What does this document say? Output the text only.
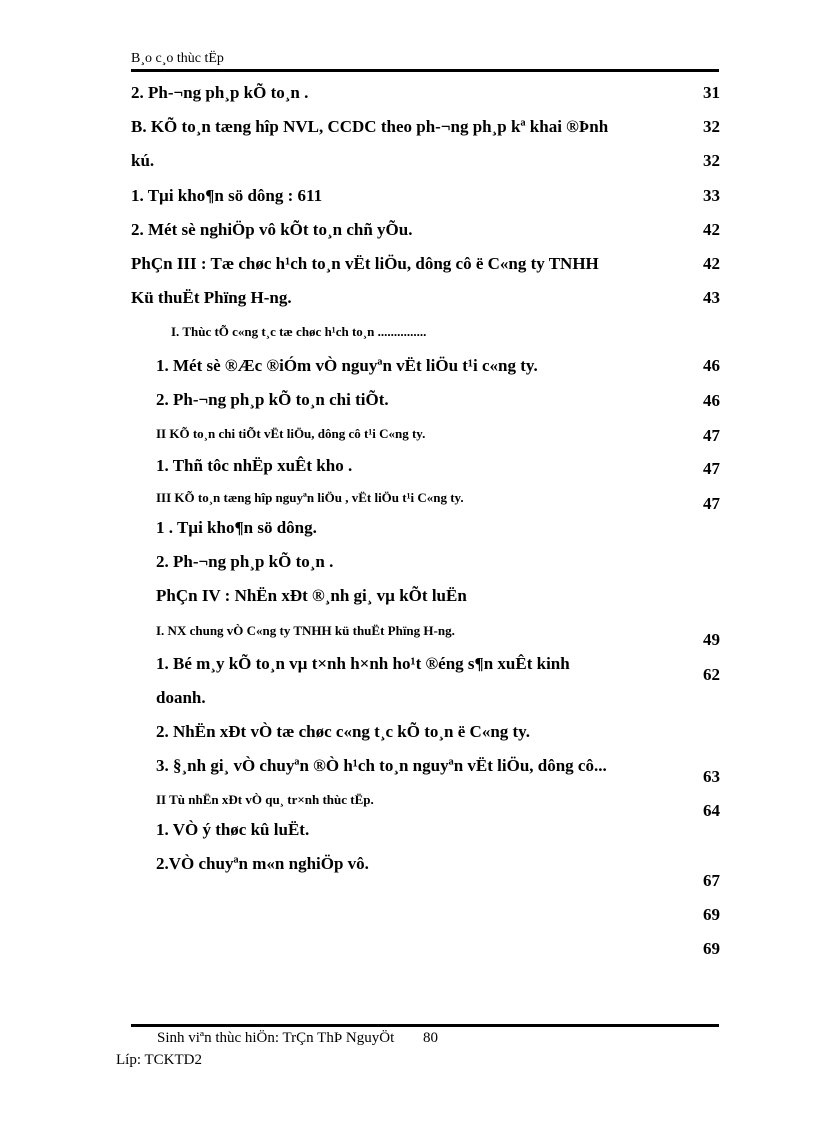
B¸o c¸o thùc tËp
2. Ph-¬ng ph¸p kÕ to¸n .
B. KÕ to¸n tæng hîp NVL, CCDC theo ph-¬ng ph¸p kª khai ®Þnh
kú.
1. Tµi kho¶n sö dông : 611
2. Mét sè nghiÖp vô kÕt to¸n chñ yÕu.
PhÇn III : Tæ chøc h¹ch to¸n vËt liÖu, dông cô ë C«ng ty TNHH
Kü thuËt Phïng H-ng.
I. Thùc tÕ c«ng t¸c tæ chøc h¹ch to¸n ...............
1. Mét sè ®Æc ®iÓm vÒ nguyªn vËt liÖu t¹i c«ng ty.
2. Ph-¬ng ph¸p kÕ to¸n chi tiÕt.
II KÕ to¸n chi tiÕt vËt liÖu, dông cô t¹i C«ng ty.
1. Thñ tôc nhËp xuÊt kho .
III KÕ to¸n tæng hîp nguyªn liÖu , vËt liÖu t¹i C«ng ty.
1 . Tµi kho¶n sö dông.
2. Ph-¬ng ph¸p kÕ to¸n .
PhÇn IV : NhËn xÐt ®¸nh gi¸ vµ kÕt luËn
I. NX chung vÒ C«ng ty TNHH kü thuËt Phïng H-ng.
1. Bé m¸y kÕ to¸n vµ t×nh h×nh ho¹t ®éng s¶n xuÊt kinh
doanh.
2. NhËn xÐt vÒ tæ chøc c«ng t¸c kÕ to¸n ë C«ng ty.
3. §¸nh gi¸ vÒ chuyªn ®Ò h¹ch to¸n nguyªn vËt liÖu, dông cô...
II Tù nhËn xÐt vÒ qu¸ tr×nh thùc tËp.
1. VÒ ý thøc kû luËt.
2.VÒ chuyªn m«n nghiÖp vô.
31
32
32
33
42
42
43
46
46
47
47
47
49
62
63
64
67
69
69
Sinh viªn thùc hiÖn: TrÇn ThÞ NguyÖt 80
Líp: TCKTD2
